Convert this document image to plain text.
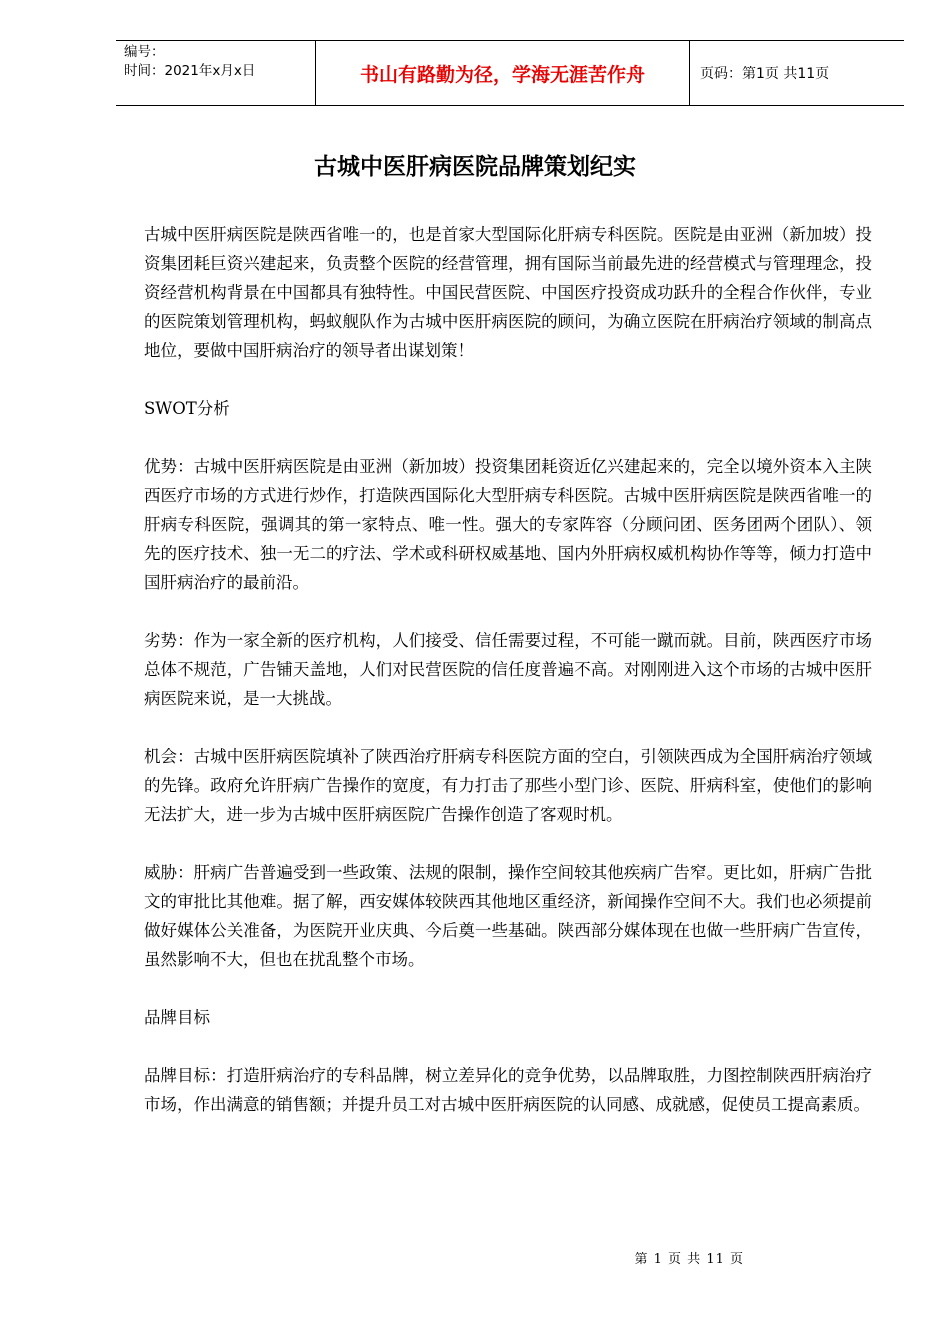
编号：
时间：2021年x月x日	书山有路勤为径，学海无涯苦作舟	页码：第1页 共11页
古城中医肝病医院品牌策划纪实

古城中医肝病医院是陕西省唯一的，也是首家大型国际化肝病专科医院。医院是由亚洲（新加坡）投资集团耗巨资兴建起来，负责整个医院的经营管理，拥有国际当前最先进的经营模式与管理理念，投资经营机构背景在中国都具有独特性。中国民营医院、中国医疗投资成功跃升的全程合作伙伴，专业的医院策划管理机构，蚂蚁舰队作为古城中医肝病医院的顾问，为确立医院在肝病治疗领域的制高点地位，要做中国肝病治疗的领导者出谋划策！

SWOT分析

优势：古城中医肝病医院是由亚洲（新加坡）投资集团耗资近亿兴建起来的，完全以境外资本入主陕西医疗市场的方式进行炒作，打造陕西国际化大型肝病专科医院。古城中医肝病医院是陕西省唯一的肝病专科医院，强调其的第一家特点、唯一性。强大的专家阵容（分顾问团、医务团两个团队）、领先的医疗技术、独一无二的疗法、学术或科研权威基地、国内外肝病权威机构协作等等，倾力打造中国肝病治疗的最前沿。

劣势：作为一家全新的医疗机构，人们接受、信任需要过程，不可能一蹴而就。目前，陕西医疗市场总体不规范，广告铺天盖地，人们对民营医院的信任度普遍不高。对刚刚进入这个市场的古城中医肝病医院来说，是一大挑战。

机会：古城中医肝病医院填补了陕西治疗肝病专科医院方面的空白，引领陕西成为全国肝病治疗领域的先锋。政府允许肝病广告操作的宽度，有力打击了那些小型门诊、医院、肝病科室，使他们的影响无法扩大，进一步为古城中医肝病医院广告操作创造了客观时机。

威胁：肝病广告普遍受到一些政策、法规的限制，操作空间较其他疾病广告窄。更比如，肝病广告批文的审批比其他难。据了解，西安媒体较陕西其他地区重经济，新闻操作空间不大。我们也必须提前做好媒体公关准备，为医院开业庆典、今后奠一些基础。陕西部分媒体现在也做一些肝病广告宣传，虽然影响不大，但也在扰乱整个市场。

品牌目标

品牌目标：打造肝病治疗的专科品牌，树立差异化的竞争优势，以品牌取胜，力图控制陕西肝病治疗市场，作出满意的销售额；并提升员工对古城中医肝病医院的认同感、成就感，促使员工提高素质。

第 1 页 共 11 页
